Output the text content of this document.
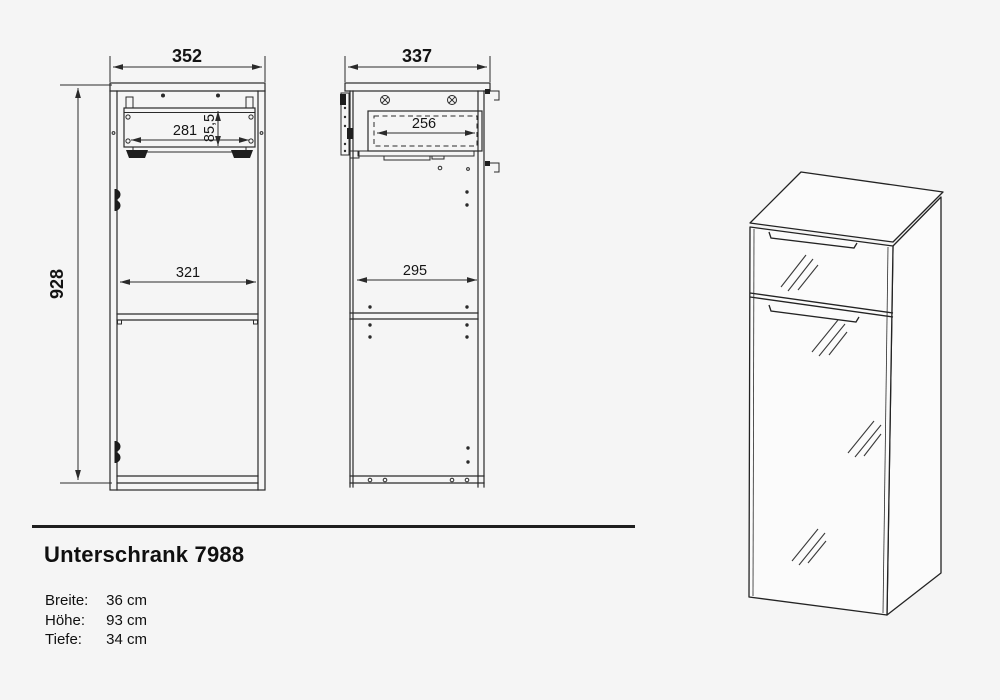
352
928
281 85,5
321
337
256
295
Unterschrank 7988
Breite: 36 cm
Höhe: 93 cm
Tiefe: 34 cm
